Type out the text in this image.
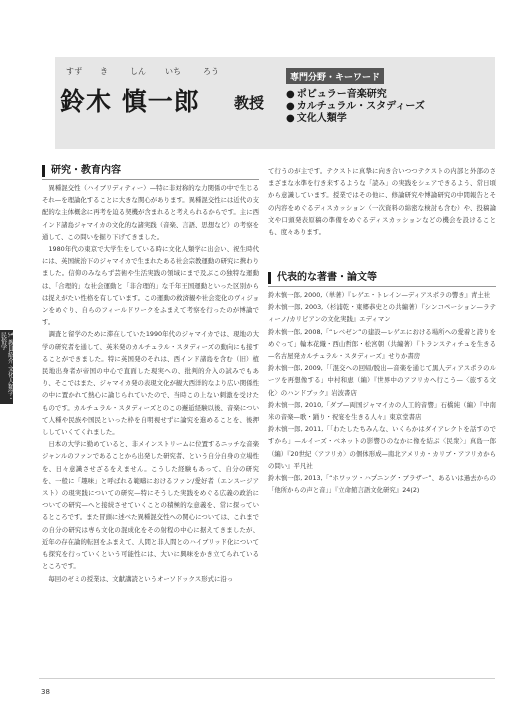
すず き	しん いち	ろう
鈴木 慎一郎 教授
専門分野・キーワード
● ポピュラー音楽研究
● カルチュラル・スタディーズ
● 文化人類学
3. 教員紹介 文化人類学・民俗学
研究・教育内容
　異種混交性（ハイブリディティー）—特に非対称的な力関係の中で生じるそれ—を理論化することに大きな関心があります。異種混交性には近代の支配的な主体概念に再考を迫る契機が含まれると考えられるからです。主に西インド諸島ジャマイカの文化的な諸実践（音楽、言語、思想など）の考察を通して、この問いを掘り下げてきました。
　1980年代の東京で大学生をしている時に文化人類学に出会い、祝生時代には、英国統治下のジャマイカで生まれたある社会宗教運動の研究に携わりました。信仰のみならず芸術や生活実践の領域にまで及ぶこの独特な運動は、「合理的」な社会運動と「非合理的」な千年王国運動といった区別からは捉えがたい性格を有しています。この運動の救済観や社会変化のヴィジョンをめぐり、自らのフィールドワークをふまえて考察を行ったのが博論です。
　調査と留学のために滞在していた1990年代のジャマイカでは、現地の大学の研究者を通して、英米発のカルチュラル・スタディーズの動向にも接することができました。特に英国発のそれは、西インド諸島を含む（旧）植民地出身者が帝国の中心で直面した現実への、批判的介入の試みでもあり、そこではまた、ジャマイカ発の表現文化が観大西洋的なより広い関係性の中に置かれて熱心に論じられていたので、当時この上ない刺激を受けたものです。カルチュラル・スタディーズとのこの邂逅経験以後、音楽について人種や民族や国民といった枠を自明視せずに論究を進めることを、後押ししていくてくれました。
　日本の大学に勤めていると、非メインストリームに位置するニッチな音楽ジャンルのファンであることから出発した研究者、という自分自身の立場性を、日々意識させざるをえません。こうした経験もあって、自分の研究を、一般に「趣味」と呼ばれる範疇におけるファン/愛好者（エンスージアスト）の現実践についての研究—特にそうした実践をめぐる広義の政治についての研究—へと接続させていくことの積極的な意義を、常に探っているところです。また冒頭に述べた異種混交性への関心については、これまでの自分の研究は専ら文化の混成化をその射程の中心に据えてきましたが、近年の存在論的転回をふまえて、人間と非人間とのハイブリッド化について も探究を行っていくという可能性には、大いに興味をかき立てられているところです。
　毎回のゼミの授業は、文献講読というオーソドックス形式に沿っ
て行うのが主です。テクストに真摯に向き合いつつテクストの内部と外部のさまざまな水準を行き来するような「読み」の実践をシェアできるよう、常日頃から意識しています。授業ではその他に、修論研究や博論研究の中間報告とその内容をめぐるディスカッション（一次資料の綿密な検討も含む）や、投稿論文や口頭発表原稿の準備をめぐるディスカッションなどの機会を設けることも、度々あります。
代表的な著書・論文等
鈴木慎一郎, 2000,（単著）『レゲエ・トレイン—ディアスポラの響き』青土社
鈴木慎一郎, 2003,（杉浦乾・東郷恭史との共編著）『シンコペーション—ラティーノ/カリビアンの文化実践』エディマン
鈴木慎一郎, 2008,「“レベゼン”の建設—レゲエにおける場所への愛着と誇りをめぐって」輪本花織・西山哲郎・松宮朝（共編著）『トランスティチュを生きる—名古屋発カルチュラル・スタディーズ』せりか書房
鈴木慎一郎, 2009,「「混交への回帰/脱出—音楽を通じて黒人ディアスポラのルーツを再想像する」中村和恵（編）『世界中のアフリカへ行こう—〈旅する文化〉のハンドブック』岩波書店
鈴木慎一郎, 2010,「ダブ—両国ジャマイカの人工的音響」石橋純（編）『中南米の音楽—歌・踊り・祝宴を生きる人々』東京堂書店
鈴木慎一郎, 2011,「「わたしたちみんな、いくらかはダイアレクトを話すのですから」—ルイーズ・ベネットの影響ひのなかに像を結ぶ〈民衆〉」真島一郎（編）『20世紀〈アフリカ〉の個体形成—南北アメリカ・カリブ・アフリカからの問い』平凡社
鈴木慎一郎, 2013,「“ホワッツ・ハプニング・ブラザー”、あるいは過去からの「他所からの声と音」」『立命館言語文化研究』24(2)
38
